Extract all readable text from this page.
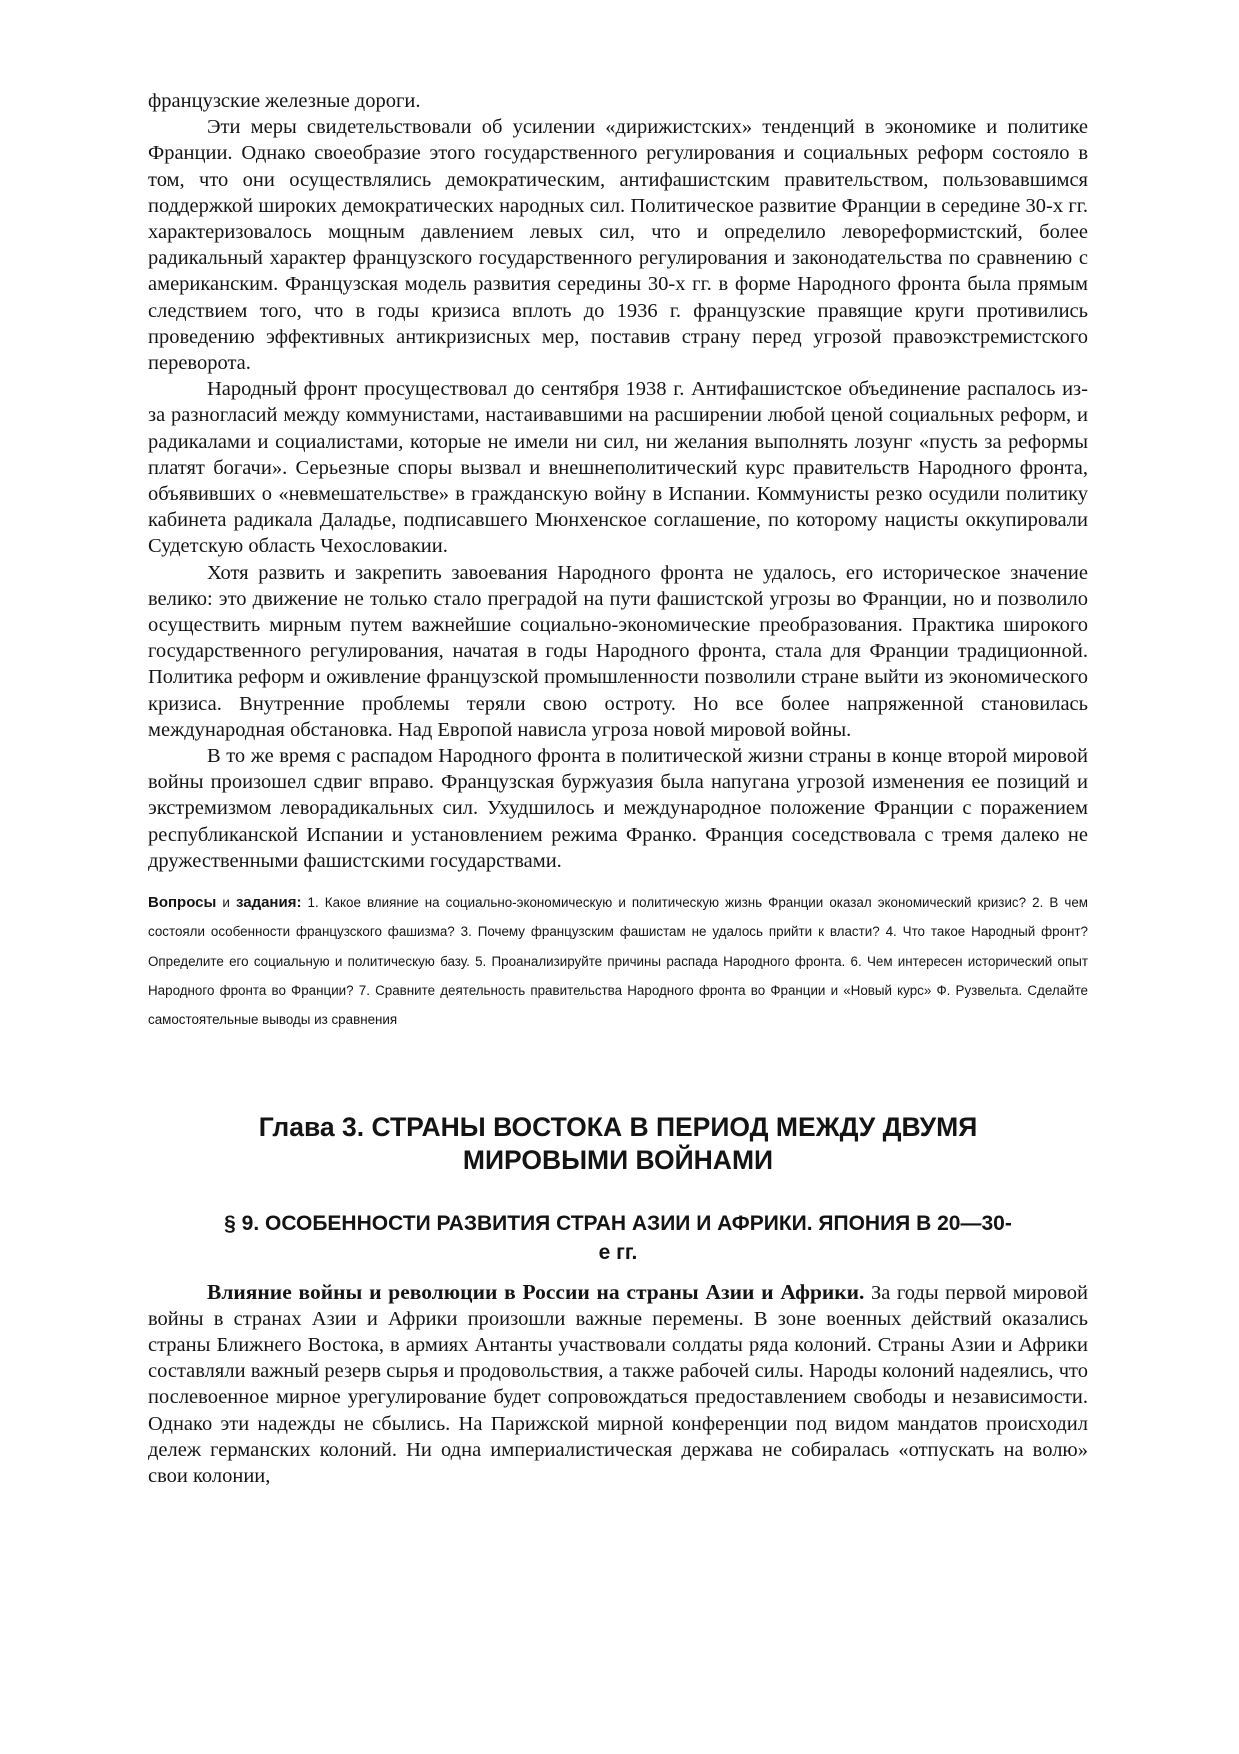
французские железные дороги.

Эти меры свидетельствовали об усилении «дирижистских» тенденций в экономике и политике Франции. Однако своеобразие этого государственного регулирования и социальных реформ состояло в том, что они осуществлялись демократическим, антифашистским правительством, пользовавшимся поддержкой широких демократических народных сил. Политическое развитие Франции в середине 30-х гг. характеризовалось мощным давлением левых сил, что и определило левореформистский, более радикальный характер французского государственного регулирования и законодательства по сравнению с американским. Французская модель развития середины 30-х гг. в форме Народного фронта была прямым следствием того, что в годы кризиса вплоть до 1936 г. французские правящие круги противились проведению эффективных антикризисных мер, поставив страну перед угрозой правоэкстремистского переворота.

Народный фронт просуществовал до сентября 1938 г. Антифашистское объединение распалось из-за разногласий между коммунистами, настаивавшими на расширении любой ценой социальных реформ, и радикалами и социалистами, которые не имели ни сил, ни желания выполнять лозунг «пусть за реформы платят богачи». Серьезные споры вызвал и внешнеполитический курс правительств Народного фронта, объявивших о «невмешательстве» в гражданскую войну в Испании. Коммунисты резко осудили политику кабинета радикала Даладье, подписавшего Мюнхенское соглашение, по которому нацисты оккупировали Судетскую область Чехословакии.

Хотя развить и закрепить завоевания Народного фронта не удалось, его историческое значение велико: это движение не только стало преградой на пути фашистской угрозы во Франции, но и позволило осуществить мирным путем важнейшие социально-экономические преобразования. Практика широкого государственного регулирования, начатая в годы Народного фронта, стала для Франции традиционной. Политика реформ и оживление французской промышленности позволили стране выйти из экономического кризиса. Внутренние проблемы теряли свою остроту. Но все более напряженной становилась международная обстановка. Над Европой нависла угроза новой мировой войны.

В то же время с распадом Народного фронта в политической жизни страны в конце второй мировой войны произошел сдвиг вправо. Французская буржуазия была напугана угрозой изменения ее позиций и экстремизмом леворадикальных сил. Ухудшилось и международное положение Франции с поражением республиканской Испании и установлением режима Франко. Франция соседствовала с тремя далеко не дружественными фашистскими государствами.

Вопросы и задания: 1. Какое влияние на социально-экономическую и политическую жизнь Франции оказал экономический кризис? 2. В чем состояли особенности французского фашизма? 3. Почему французским фашистам не удалось прийти к власти? 4. Что такое Народный фронт? Определите его социальную и политическую базу. 5. Проанализируйте причины распада Народного фронта. 6. Чем интересен исторический опыт Народного фронта во Франции? 7. Сравните деятельность правительства Народного фронта во Франции и «Новый курс» Ф. Рузвельта. Сделайте самостоятельные выводы из сравнения

Глава 3. СТРАНЫ ВОСТОКА В ПЕРИОД МЕЖДУ ДВУМЯ
МИРОВЫМИ ВОЙНАМИ
§ 9. ОСОБЕННОСТИ РАЗВИТИЯ СТРАН АЗИИ И АФРИКИ. ЯПОНИЯ В 20—30-
е гг.

Влияние войны и революции в России на страны Азии и Африки. За годы первой мировой войны в странах Азии и Африки произошли важные перемены. В зоне военных действий оказались страны Ближнего Востока, в армиях Антанты участвовали солдаты ряда колоний. Страны Азии и Африки составляли важный резерв сырья и продовольствия, а также рабочей силы. Народы колоний надеялись, что послевоенное мирное урегулирование будет сопровождаться предоставлением свободы и независимости. Однако эти надежды не сбылись. На Парижской мирной конференции под видом мандатов происходил дележ германских колоний. Ни одна империалистическая держава не собиралась «отпускать на волю» свои колонии,
